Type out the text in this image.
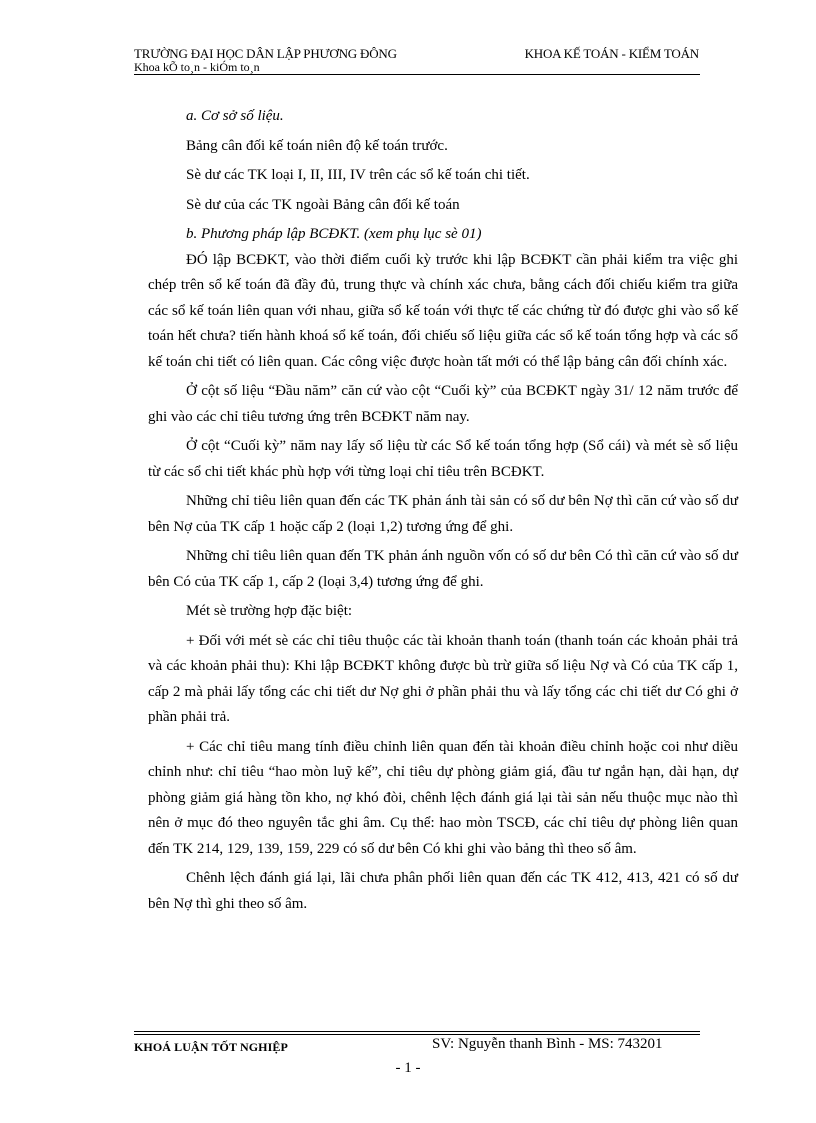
TRƯỜNG ĐẠI HỌC DÂN LẬP PHƯƠNG ĐÔNG
Khoa kÕ to¸n - kiÓm to¸n
KHOA KẾ TOÁN - KIỂM TOÁN

a. Cơ sở số liệu.

Bảng cân đối kế toán niên độ kế toán trước.

Sè dư các TK loại I, II, III, IV trên các sổ kế toán chi tiết.

Sè dư của các TK ngoài Bảng cân đối kế toán

b. Phương pháp lập BCĐKT. (xem phụ lục sè 01)

ĐÓ lập BCĐKT, vào thời điểm cuối kỳ trước khi lập BCĐKT cần phải kiểm tra việc ghi chép trên sổ kế toán đã đầy đủ, trung thực và chính xác chưa, bằng cách đối chiếu kiểm tra giữa các sổ kế toán liên quan với nhau, giữa sổ kế toán với thực tế các chứng từ đó được ghi vào sổ kế toán hết chưa? tiến hành khoá sổ kế toán, đối chiếu số liệu giữa các sổ kế toán tổng hợp và các sổ kế toán chi tiết có liên quan. Các công việc được hoàn tất mới có thể lập bảng cân đối chính xác.

Ở cột số liệu “Đầu năm” căn cứ vào cột “Cuối kỳ” của BCĐKT ngày 31/ 12 năm trước để ghi vào các chỉ tiêu tương ứng trên BCĐKT năm nay.

Ở cột “Cuối kỳ” năm nay lấy số liệu từ các Sổ kế toán tổng hợp (Sổ cái) và mét sè số liệu từ các sổ chi tiết khác phù hợp với từng loại chỉ tiêu trên BCĐKT.

Những chỉ tiêu liên quan đến các TK phản ánh tài sản có số dư bên Nợ thì căn cứ vào số dư bên Nợ của TK cấp 1 hoặc cấp 2 (loại 1,2) tương ứng để ghi.

Những chỉ tiêu liên quan đến TK phản ánh nguồn vốn có số dư bên Có thì căn cứ vào số dư bên Có của TK cấp 1, cấp 2 (loại 3,4) tương ứng để ghi.

Mét sè trường hợp đặc biệt:

+ Đối với mét sè các chỉ tiêu thuộc các tài khoản thanh toán (thanh toán các khoản phải trả và các khoản phải thu): Khi lập BCĐKT không được bù trừ giữa số liệu Nợ và Có của TK cấp 1, cấp 2 mà phải lấy tổng các chi tiết dư Nợ ghi ở phần phải thu và lấy tổng các chi tiết dư Có ghi ở phần phải trả.

+ Các chỉ tiêu mang tính điều chỉnh liên quan đến tài khoản điều chỉnh hoặc coi như diều chỉnh như: chỉ tiêu “hao mòn luỹ kế”, chỉ tiêu dự phòng giảm giá, đầu tư ngắn hạn, dài hạn, dự phòng giảm giá hàng tồn kho, nợ khó đòi, chênh lệch đánh giá lại tài sản nếu thuộc mục nào thì nên ở mục đó theo nguyên tắc ghi âm. Cụ thể: hao mòn TSCĐ, các chỉ tiêu dự phòng liên quan đến TK 214, 129, 139, 159, 229 có số dư bên Có khi ghi vào bảng thì theo số âm.

Chênh lệch đánh giá lại, lãi chưa phân phối liên quan đến các TK 412, 413, 421 có số dư bên Nợ thì ghi theo số âm.

KHOÁ LUẬN TỐT NGHIỆP	SV: Nguyễn thanh Bình - MS: 743201
- 1 -
